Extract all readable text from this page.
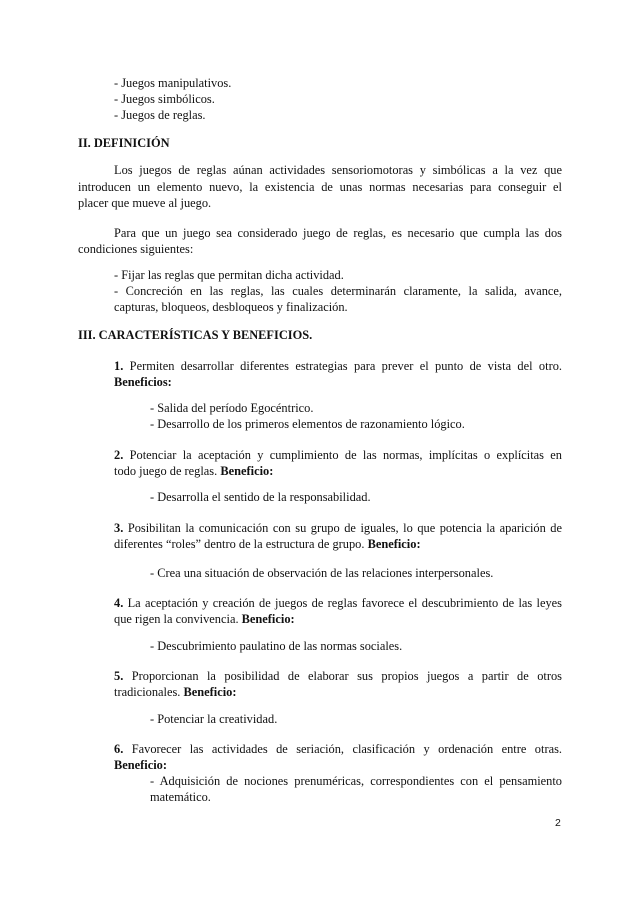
- Juegos manipulativos.
- Juegos simbólicos.
- Juegos de reglas.
II. DEFINICIÓN
Los juegos de reglas aúnan actividades sensoriomotoras y simbólicas a la vez que
introducen un elemento nuevo, la existencia de unas normas necesarias para conseguir el
placer que mueve al juego.
Para que un juego sea considerado juego de reglas, es necesario que cumpla las dos
condiciones siguientes:
- Fijar las reglas que permitan dicha actividad.
- Concreción en las reglas, las cuales determinarán claramente, la salida, avance,
capturas, bloqueos, desbloqueos y finalización.
III. CARACTERÍSTICAS Y BENEFICIOS.
1. Permiten desarrollar diferentes estrategias para prever el punto de vista del otro.
Beneficios:
- Salida del período Egocéntrico.
- Desarrollo de los primeros elementos de razonamiento lógico.
2. Potenciar la aceptación y cumplimiento de las normas, implícitas o explícitas en
todo juego de reglas. Beneficio:
- Desarrolla el sentido de la responsabilidad.
3. Posibilitan la comunicación con su grupo de iguales, lo que potencia la aparición de
diferentes “roles” dentro de la estructura de grupo. Beneficio:
- Crea una situación de observación de las relaciones interpersonales.
4. La aceptación y creación de juegos de reglas favorece el descubrimiento de las leyes
que rigen la convivencia. Beneficio:
- Descubrimiento paulatino de las normas sociales.
5. Proporcionan la posibilidad de elaborar sus propios juegos a partir de otros
tradicionales. Beneficio:
- Potenciar la creatividad.
6. Favorecer las actividades de seriación, clasificación y ordenación entre otras.
Beneficio:
- Adquisición de nociones prenuméricas, correspondientes con el pensamiento
matemático.
2
